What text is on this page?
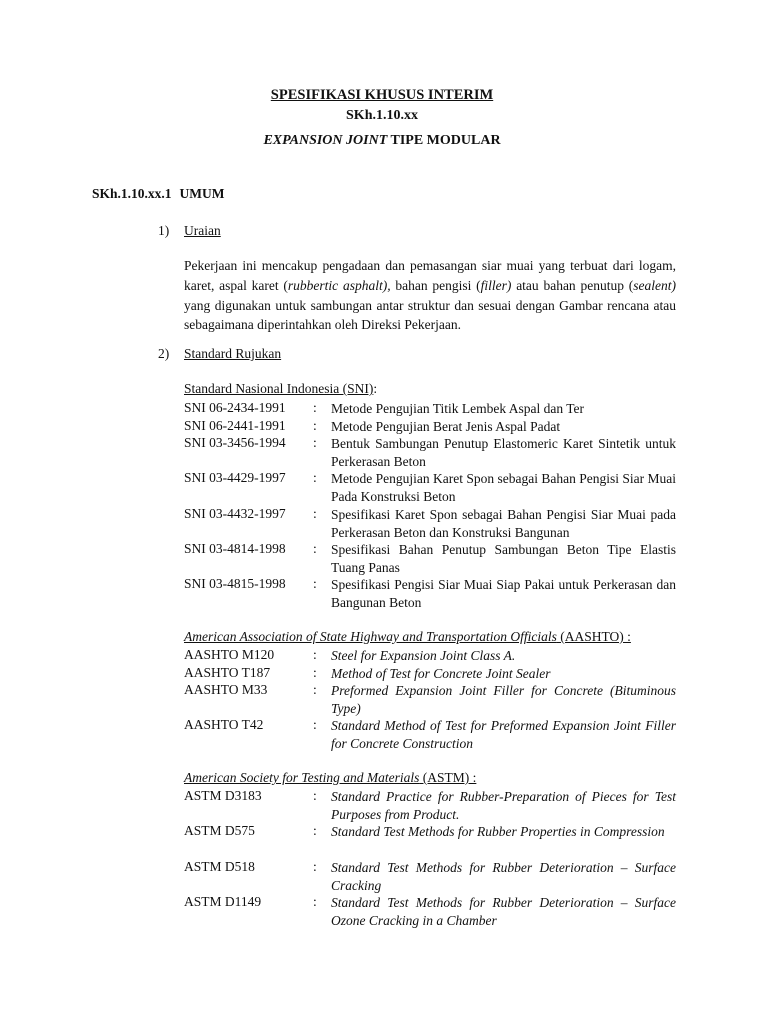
SPESIFIKASI KHUSUS INTERIM
SKh.1.10.xx
EXPANSION JOINT TIPE MODULAR
SKh.1.10.xx.1 UMUM
1) Uraian
Pekerjaan ini mencakup pengadaan dan pemasangan siar muai yang terbuat dari logam, karet, aspal karet (rubbertic asphalt), bahan pengisi (filler) atau bahan penutup (sealent) yang digunakan untuk sambungan antar struktur dan sesuai dengan Gambar rencana atau sebagaimana diperintahkan oleh Direksi Pekerjaan.
2) Standard Rujukan
Standard Nasional Indonesia (SNI):
SNI 06-2434-1991	: Metode Pengujian Titik Lembek Aspal dan Ter
SNI 06-2441-1991	: Metode Pengujian Berat Jenis Aspal Padat
SNI 03-3456-1994	: Bentuk Sambungan Penutup Elastomeric Karet Sintetik untuk Perkerasan Beton
SNI 03-4429-1997	: Metode Pengujian Karet Spon sebagai Bahan Pengisi Siar Muai Pada Konstruksi Beton
SNI 03-4432-1997	: Spesifikasi Karet Spon sebagai Bahan Pengisi Siar Muai pada Perkerasan Beton dan Konstruksi Bangunan
SNI 03-4814-1998	: Spesifikasi Bahan Penutup Sambungan Beton Tipe Elastis Tuang Panas
SNI 03-4815-1998	: Spesifikasi Pengisi Siar Muai Siap Pakai untuk Perkerasan dan Bangunan Beton
American Association of State Highway and Transportation Officials (AASHTO) :
AASHTO M120	: Steel for Expansion Joint Class A.
AASHTO T187	: Method of Test for Concrete Joint Sealer
AASHTO M33	: Preformed Expansion Joint Filler for Concrete (Bituminous Type)
AASHTO T42	: Standard Method of Test for Preformed Expansion Joint Filler for Concrete Construction
American Society for Testing and Materials (ASTM) :
ASTM D3183	: Standard Practice for Rubber-Preparation of Pieces for Test Purposes from Product.
ASTM D575	: Standard Test Methods for Rubber Properties in Compression
ASTM D518	: Standard Test Methods for Rubber Deterioration – Surface Cracking
ASTM D1149	: Standard Test Methods for Rubber Deterioration – Surface Ozone Cracking in a Chamber
